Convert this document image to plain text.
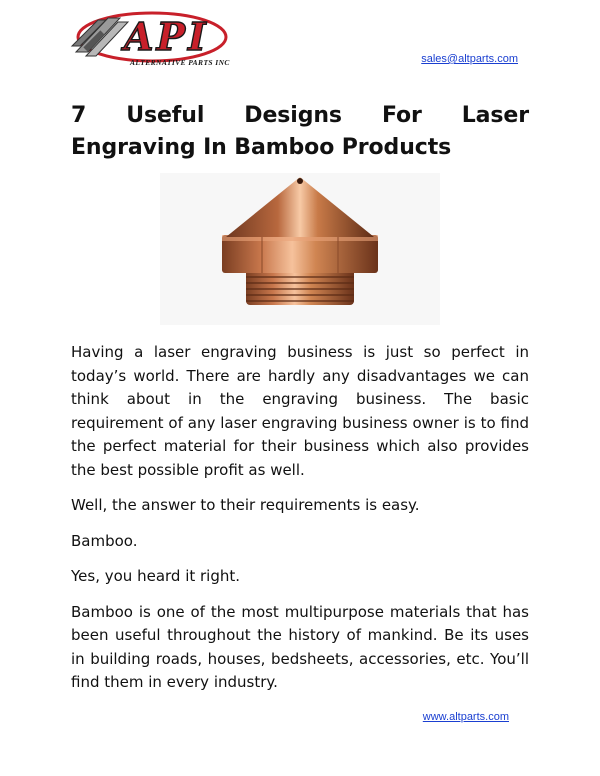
API
ALTERNATIVE PARTS INC	sales@altparts.com
7 Useful Designs For Laser Engraving In Bamboo Products

Having a laser engraving business is just so perfect in today’s world. There are hardly any disadvantages we can think about in the engraving business. The basic requirement of any laser engraving business owner is to find the perfect material for their business which also provides the best possible profit as well.

Well, the answer to their requirements is easy.

Bamboo.

Yes, you heard it right.

Bamboo is one of the most multipurpose materials that has been useful throughout the history of mankind. Be its uses in building roads, houses, bedsheets, accessories, etc. You’ll find them in every industry.

www.altparts.com
